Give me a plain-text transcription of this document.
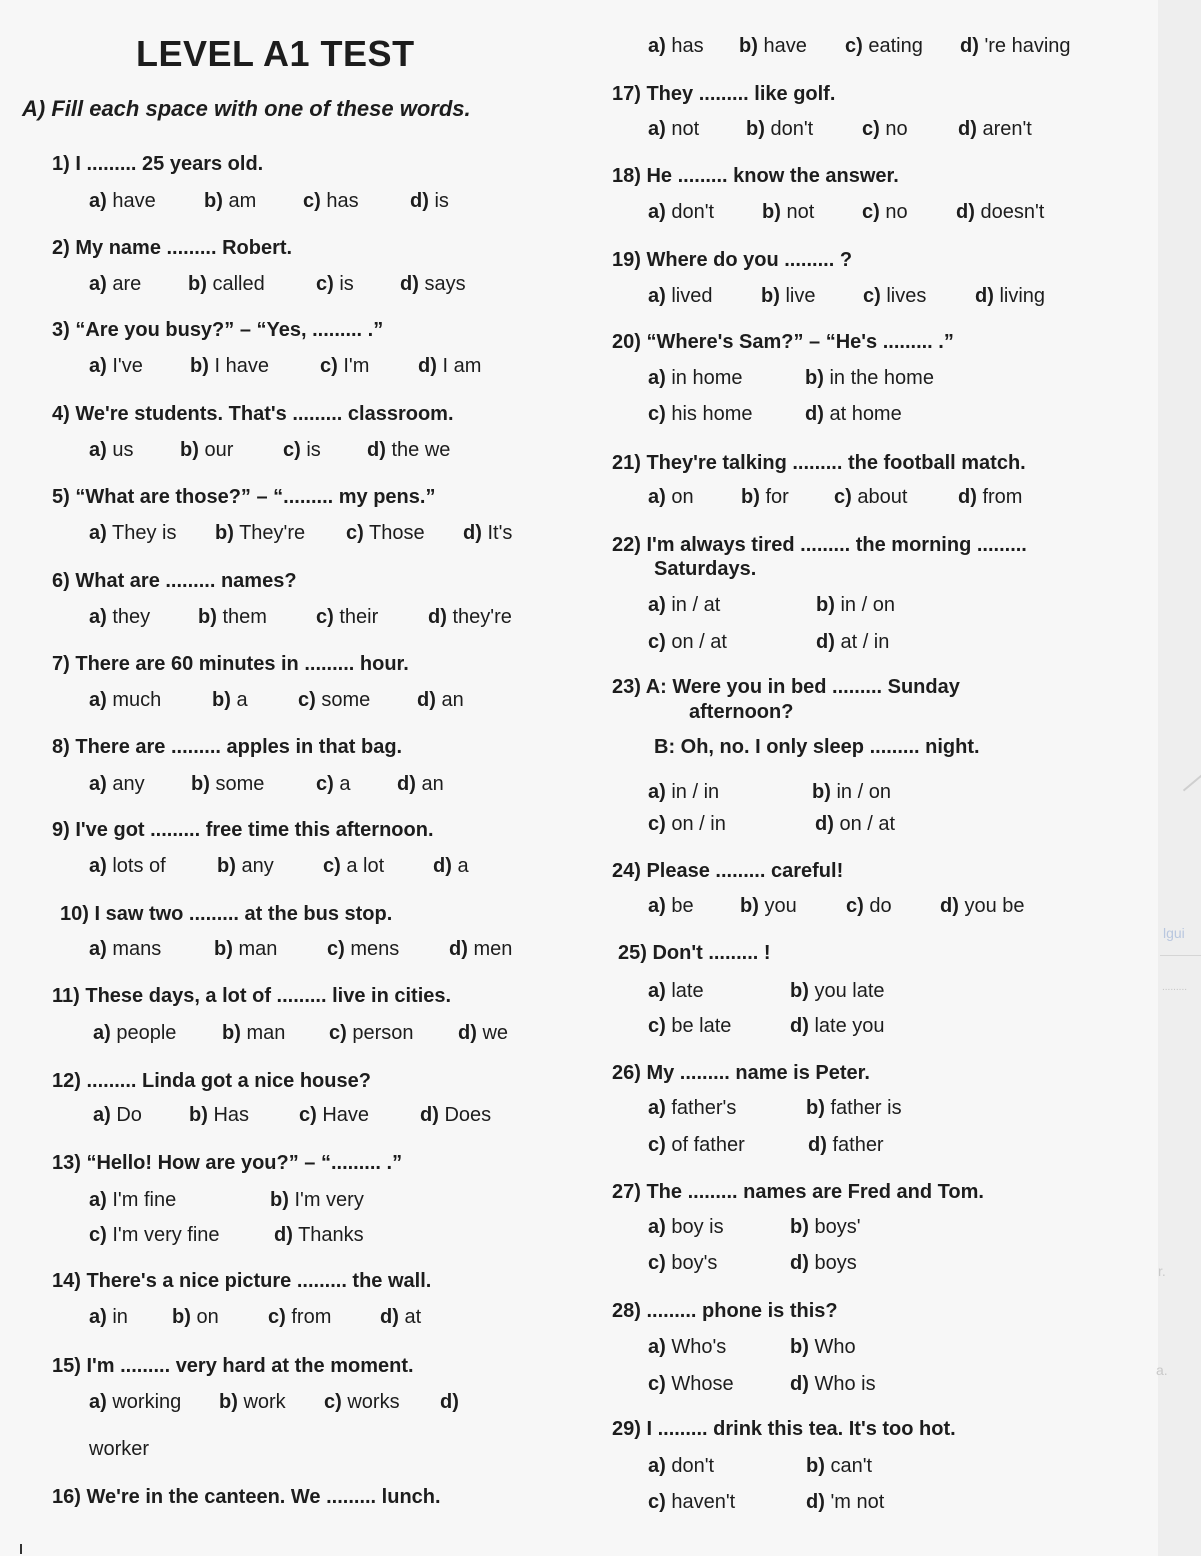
LEVEL A1 TEST
A) Fill each space with one of these words.
1) I ......... 25 years old.
a) have b) am c) has	d) is
2) My name ......... Robert.
a) are b) called	c) is d) says
3) “Are you busy?” – “Yes, ......... .”
a) I've b) I have	c) I'm d) I am
4) We're students. That's ......... classroom.
a) us b) our c) is d) the we
5) “What are those?” – “......... my pens.”
a) They is b) They're c) Those d) It's
6) What are ......... names?
a) they b) them c) their d) they're
7) There are 60 minutes in ......... hour.
a) much	b) a	c) some d) an
8) There are ......... apples in that bag.
a) any b) some	c) a d) an
9) I've got ......... free time this afternoon.
a) lots of	b) any c) a lot d) a
10) I saw two ......... at the bus stop.
a) mans	b) man c) mens d) men
11) These days, a lot of ......... live in cities.
a) people b) man c) person d) we
12) ......... Linda got a nice house?
a) Do b) Has c) Have	d) Does
13) “Hello! How are you?” – “......... .”
a) I'm fine	b) I'm very
c) I'm very fine	d) Thanks
14) There's a nice picture ......... the wall.
a) in b) on c) from d) at
15) I'm ......... very hard at the moment.
a) working b) work c) works d)
worker
16) We're in the canteen. We ......... lunch.
a) has b) have c) eating d) 're having
17) They ......... like golf.
a) not b) don't c) no	d) aren't
18) He ......... know the answer.
a) don't b) not c) no d) doesn't
19) Where do you ......... ?
a) lived b) live c) lives d) living
20) “Where's Sam?” – “He's ......... .”
a) in home	b) in the home
c) his home	d) at home
21) They're talking ......... the football match.
a) on b) for c) about	d) from
22) I'm always tired ......... the morning .........
Saturdays.
a) in / at	b) in / on
c) on / at	d) at / in
23) A: Were you in bed ......... Sunday
afternoon?
B: Oh, no. I only sleep ......... night.
a) in / in	b) in / on
c) on / in	d) on / at
24) Please ......... careful!
a) be b) you c) do d) you be
25) Don't ......... !
a) late	b) you late
c) be late	d) late you
26) My ......... name is Peter.
a) father's	b) father is
c) of father	d) father
27) The ......... names are Fred and Tom.
a) boy is	b) boys'
c) boy's	d) boys
28) ......... phone is this?
a) Who's	b) Who
c) Whose	d) Who is
29) I ......... drink this tea. It's too hot.
a) don't	b) can't
c) haven't	d) 'm not
lgui
.........
r.
a.
